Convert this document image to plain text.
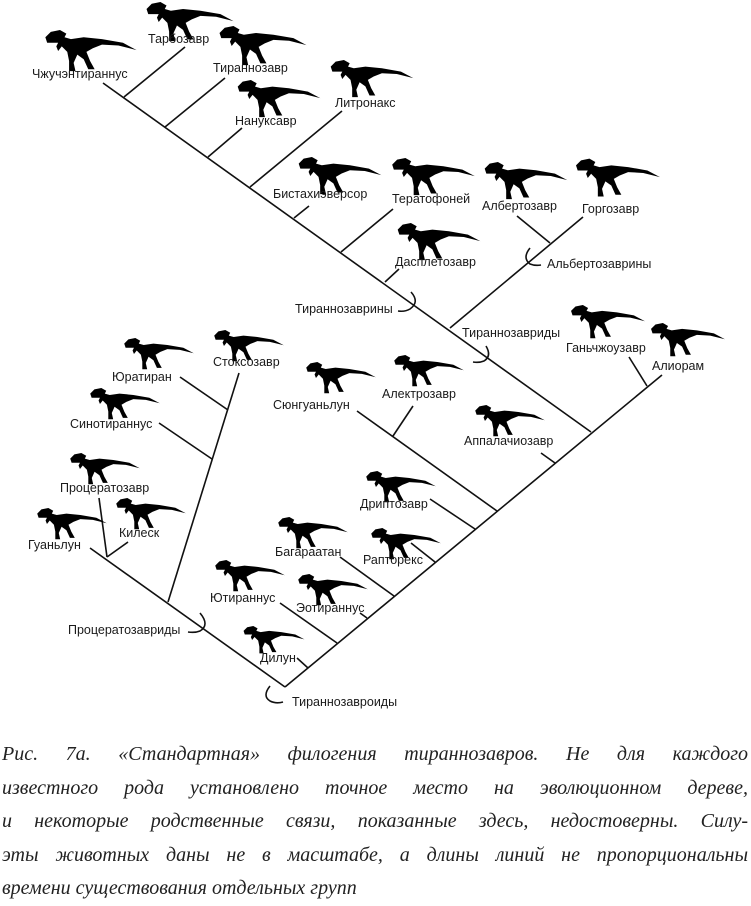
Чжучэнтираннус
Тарбозавр
Тираннозавр
Нануксавр
Литронакс
Бистахиэверсор Тератофоней Албертозавр Горгозавр
Дасплетозавр
Ганьчжоузавр
Алиорам
Стоксозавр
Юратиран
Синотираннус
Процератозавр
Килеск
Гуаньлун
Сюнгуаньлун
Алектрозавр
Аппалачиозавр
Дриптозавр
Багараатан
Рапторекс
Ютираннус
Эотираннус
Дилун
Альбертозаврины
Тираннозаврины
Тираннозавриды
Процератозавриды
Тираннозавроиды
Рис. 7а. «Стандартная» филогения тираннозавров. Не для каждого
известного рода установлено точное место на эволюционном дереве,
и некоторые родственные связи, показанные здесь, недостоверны. Силу-
эты животных даны не в масштабе, а длины линий не пропорциональны
времени существования отдельных групп
